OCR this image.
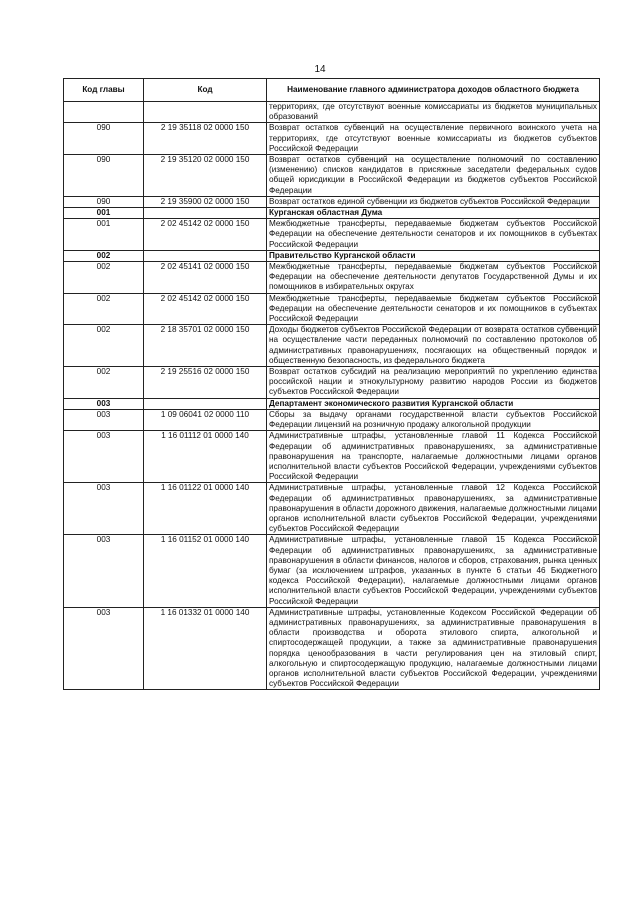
14
Код главы	Код	Наименование главного администратора доходов областного бюджета
		территориях, где отсутствуют военные комиссариаты из бюджетов муниципальных образований
090	2 19 35118 02 0000 150	Возврат остатков субвенций на осуществление первичного воинского учета на территориях, где отсутствуют военные комиссариаты из бюджетов субъектов Российской Федерации
090	2 19 35120 02 0000 150	Возврат остатков субвенций на осуществление полномочий по составлению (изменению) списков кандидатов в присяжные заседатели федеральных судов общей юрисдикции в Российской Федерации из бюджетов субъектов Российской Федерации
090	2 19 35900 02 0000 150	Возврат остатков единой субвенции из бюджетов субъектов Российской Федерации
001		Курганская областная Дума
001	2 02 45142 02 0000 150	Межбюджетные трансферты, передаваемые бюджетам субъектов Российской Федерации на обеспечение деятельности сенаторов и их помощников в субъектах Российской Федерации
002		Правительство Курганской области
002	2 02 45141 02 0000 150	Межбюджетные трансферты, передаваемые бюджетам субъектов Российской Федерации на обеспечение деятельности депутатов Государственной Думы и их помощников в избирательных округах
002	2 02 45142 02 0000 150	Межбюджетные трансферты, передаваемые бюджетам субъектов Российской Федерации на обеспечение деятельности сенаторов и их помощников в субъектах Российской Федерации
002	2 18 35701 02 0000 150	Доходы бюджетов субъектов Российской Федерации от возврата остатков субвенций на осуществление части переданных полномочий по составлению протоколов об административных правонарушениях, посягающих на общественный порядок и общественную безопасность, из федерального бюджета
002	2 19 25516 02 0000 150	Возврат остатков субсидий на реализацию мероприятий по укреплению единства российской нации и этнокультурному развитию народов России из бюджетов субъектов Российской Федерации
003		Департамент экономического развития Курганской области
003	1 09 06041 02 0000 110	Сборы за выдачу органами государственной власти субъектов Российской Федерации лицензий на розничную продажу алкогольной продукции
003	1 16 01112 01 0000 140	Административные штрафы, установленные главой 11 Кодекса Российской Федерации об административных правонарушениях, за административные правонарушения на транспорте, налагаемые должностными лицами органов исполнительной власти субъектов Российской Федерации, учреждениями субъектов Российской Федерации
003	1 16 01122 01 0000 140	Административные штрафы, установленные главой 12 Кодекса Российской Федерации об административных правонарушениях, за административные правонарушения в области дорожного движения, налагаемые должностными лицами органов исполнительной власти субъектов Российской Федерации, учреждениями субъектов Российской Федерации
003	1 16 01152 01 0000 140	Административные штрафы, установленные главой 15 Кодекса Российской Федерации об административных правонарушениях, за административные правонарушения в области финансов, налогов и сборов, страхования, рынка ценных бумаг (за исключением штрафов, указанных в пункте 6 статьи 46 Бюджетного кодекса Российской Федерации), налагаемые должностными лицами органов исполнительной власти субъектов Российской Федерации, учреждениями субъектов Российской Федерации
003	1 16 01332 01 0000 140	Административные штрафы, установленные Кодексом Российской Федерации об административных правонарушениях, за административные правонарушения в области производства и оборота этилового спирта, алкогольной и спиртосодержащей продукции, а также за административные правонарушения порядка ценообразования в части регулирования цен на этиловый спирт, алкогольную и спиртосодержащую продукцию, налагаемые должностными лицами органов исполнительной власти субъектов Российской Федерации, учреждениями субъектов Российской Федерации
